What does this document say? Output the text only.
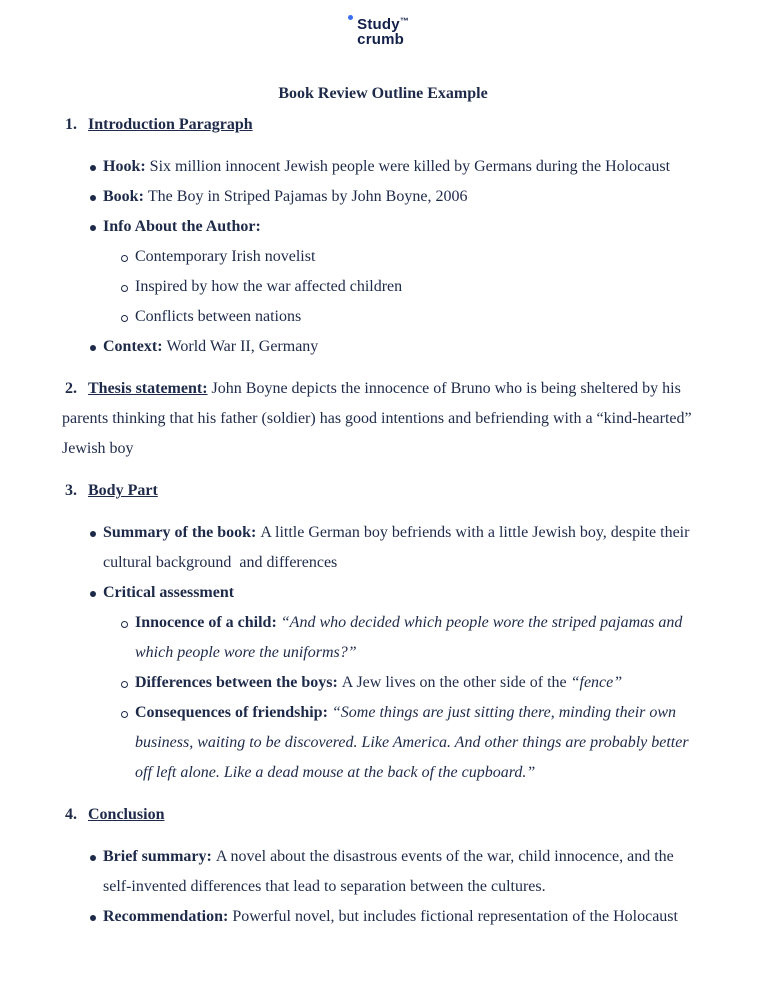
Study™
crumb
Book Review Outline Example
1. Introduction Paragraph
Hook: Six million innocent Jewish people were killed by Germans during the Holocaust
Book: The Boy in Striped Pajamas by John Boyne, 2006
Info About the Author:
Contemporary Irish novelist
Inspired by how the war affected children
Conflicts between nations
Context: World War II, Germany
2. Thesis statement: John Boyne depicts the innocence of Bruno who is being sheltered by his parents thinking that his father (soldier) has good intentions and befriending with a “kind-hearted” Jewish boy
3. Body Part
Summary of the book: A little German boy befriends with a little Jewish boy, despite their cultural background  and differences
Critical assessment
Innocence of a child: “And who decided which people wore the striped pajamas and which people wore the uniforms?”
Differences between the boys: A Jew lives on the other side of the “fence”
Consequences of friendship: “Some things are just sitting there, minding their own business, waiting to be discovered. Like America. And other things are probably better off left alone. Like a dead mouse at the back of the cupboard.”
4. Conclusion
Brief summary: A novel about the disastrous events of the war, child innocence, and the self-invented differences that lead to separation between the cultures.
Recommendation: Powerful novel, but includes fictional representation of the Holocaust
